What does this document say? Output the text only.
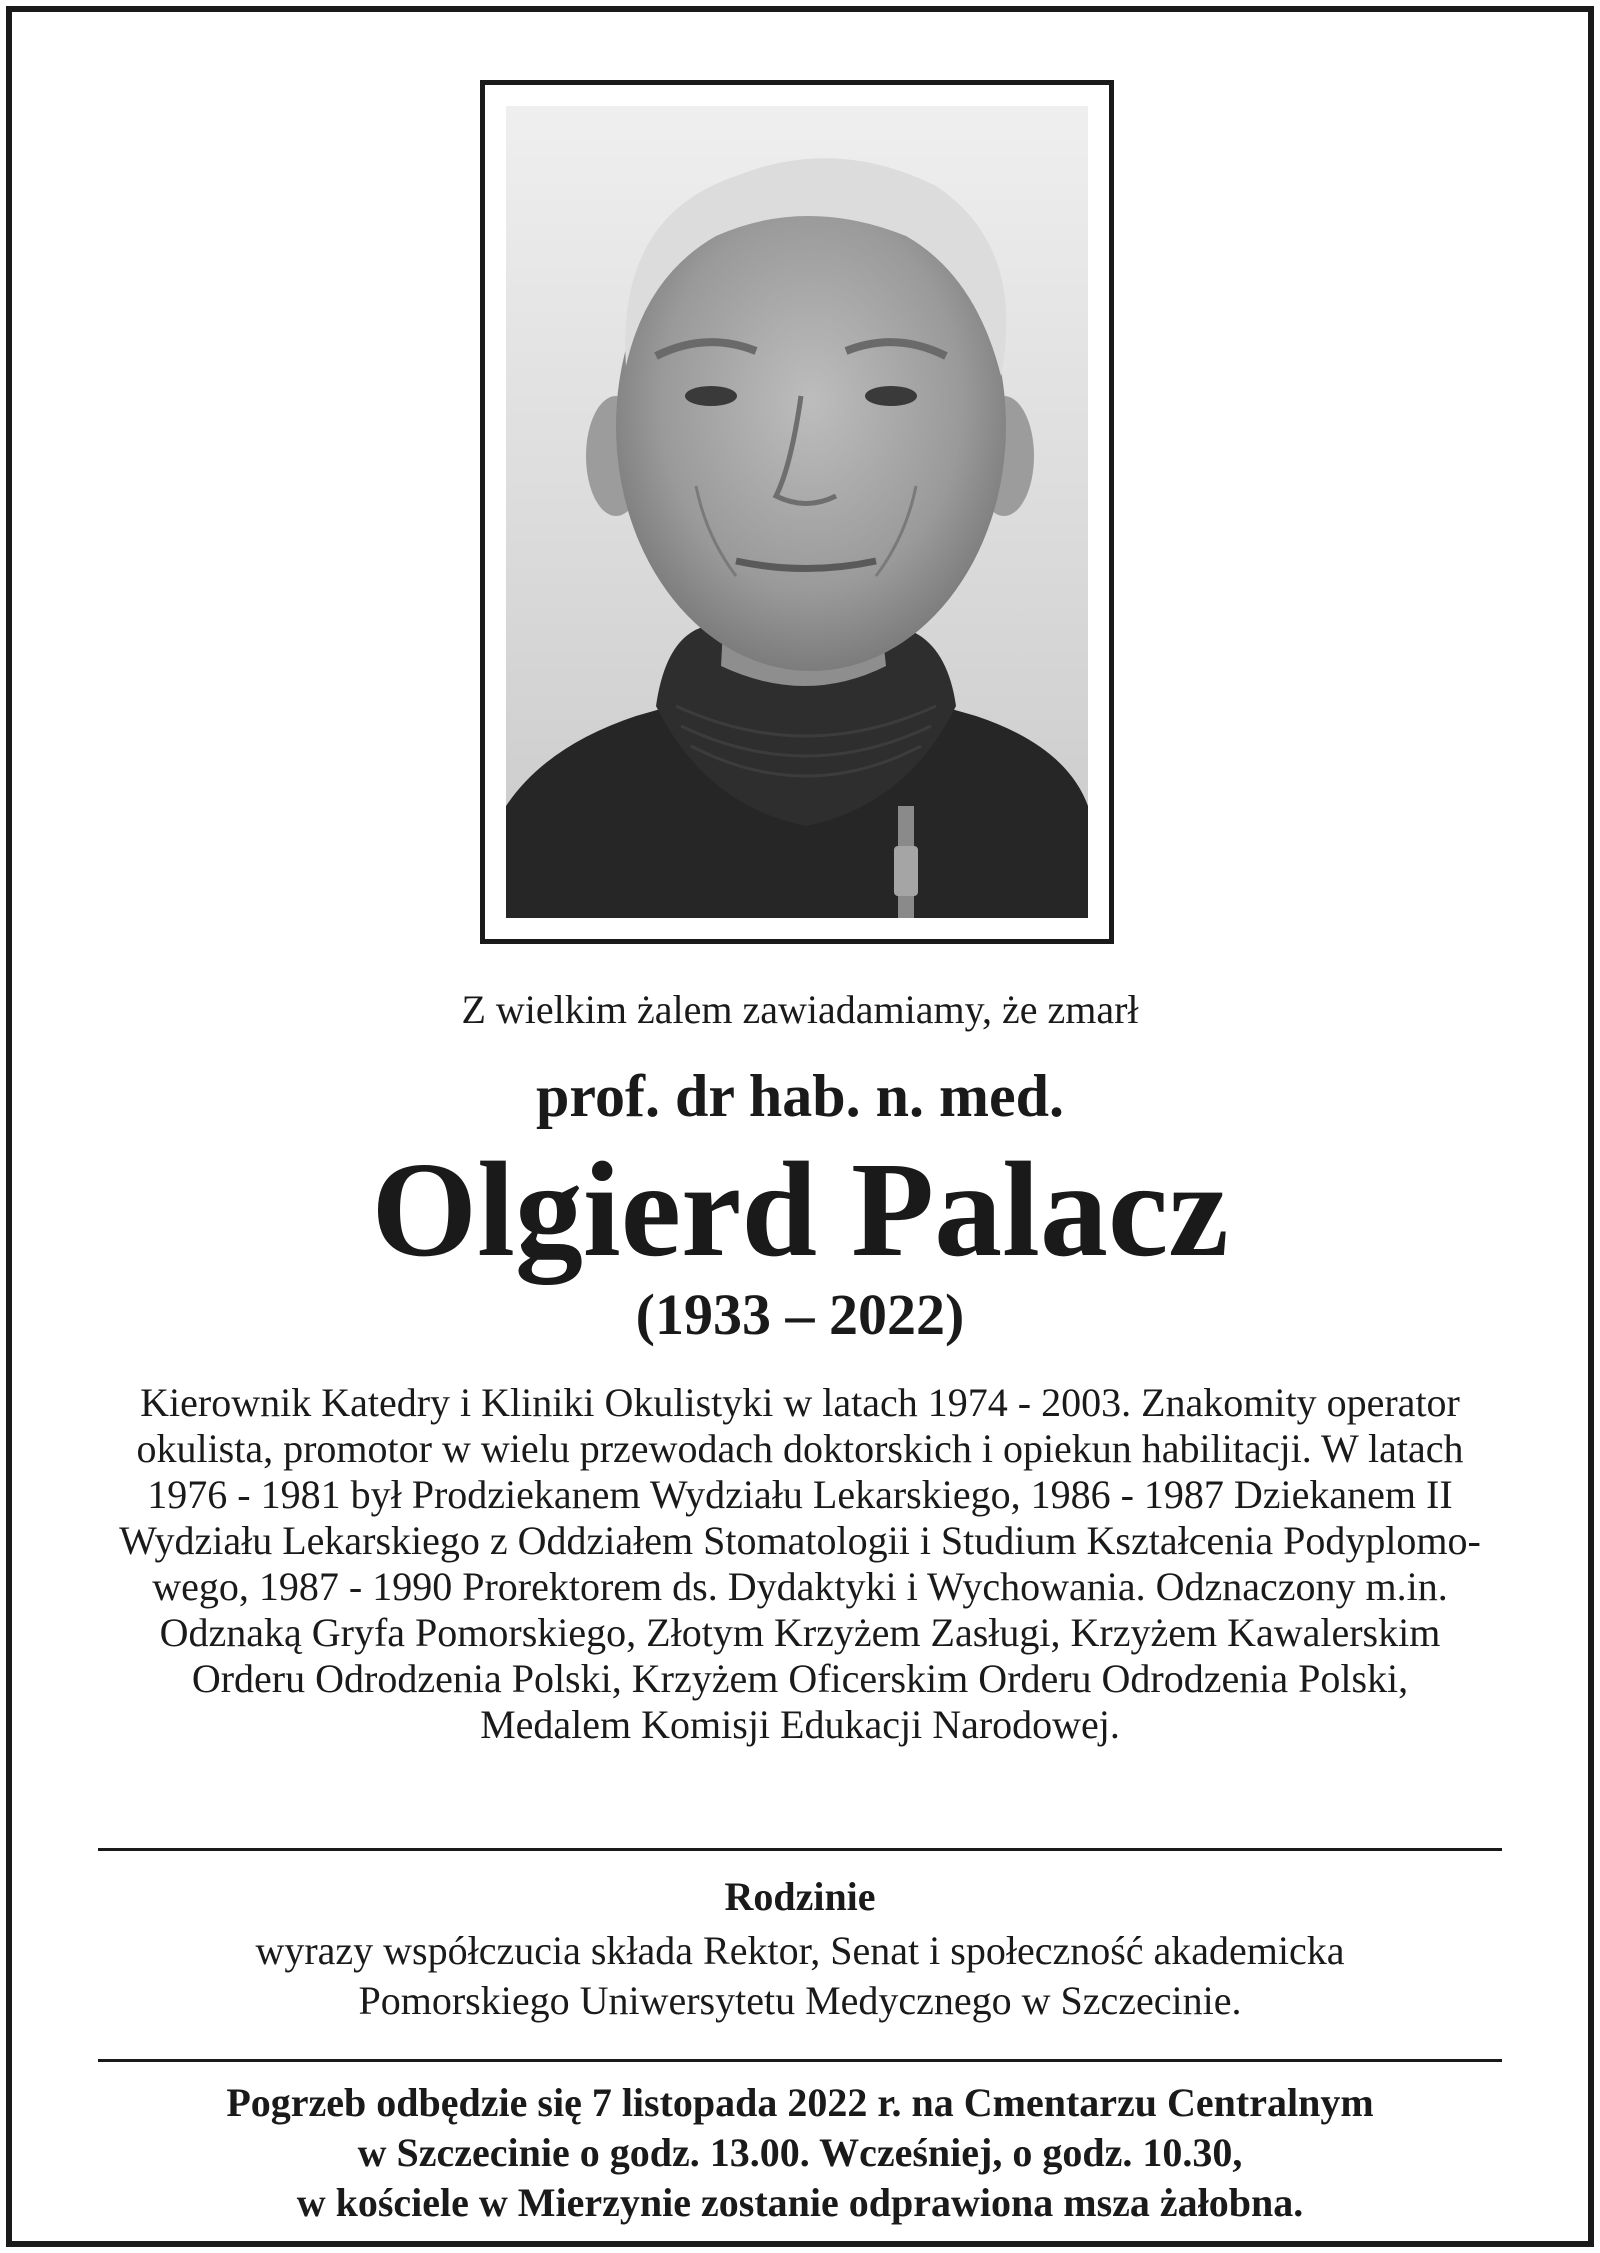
Z wielkim żalem zawiadamiamy, że zmarł
prof. dr hab. n. med.
Olgierd Palacz
(1933 – 2022)
Kierownik Katedry i Kliniki Okulistyki w latach 1974 - 2003. Znakomity operator
okulista, promotor w wielu przewodach doktorskich i opiekun habilitacji. W latach
1976 - 1981 był Prodziekanem Wydziału Lekarskiego, 1986 - 1987 Dziekanem II
Wydziału Lekarskiego z Oddziałem Stomatologii i Studium Kształcenia Podyplomo-
wego, 1987 - 1990 Prorektorem ds. Dydaktyki i Wychowania. Odznaczony m.in.
Odznaką Gryfa Pomorskiego, Złotym Krzyżem Zasługi, Krzyżem Kawalerskim
Orderu Odrodzenia Polski, Krzyżem Oficerskim Orderu Odrodzenia Polski,
Medalem Komisji Edukacji Narodowej.
Rodzinie
wyrazy współczucia składa Rektor, Senat i społeczność akademicka
Pomorskiego Uniwersytetu Medycznego w Szczecinie.
Pogrzeb odbędzie się 7 listopada 2022 r. na Cmentarzu Centralnym
w Szczecinie o godz. 13.00. Wcześniej, o godz. 10.30,
w kościele w Mierzynie zostanie odprawiona msza żałobna.
